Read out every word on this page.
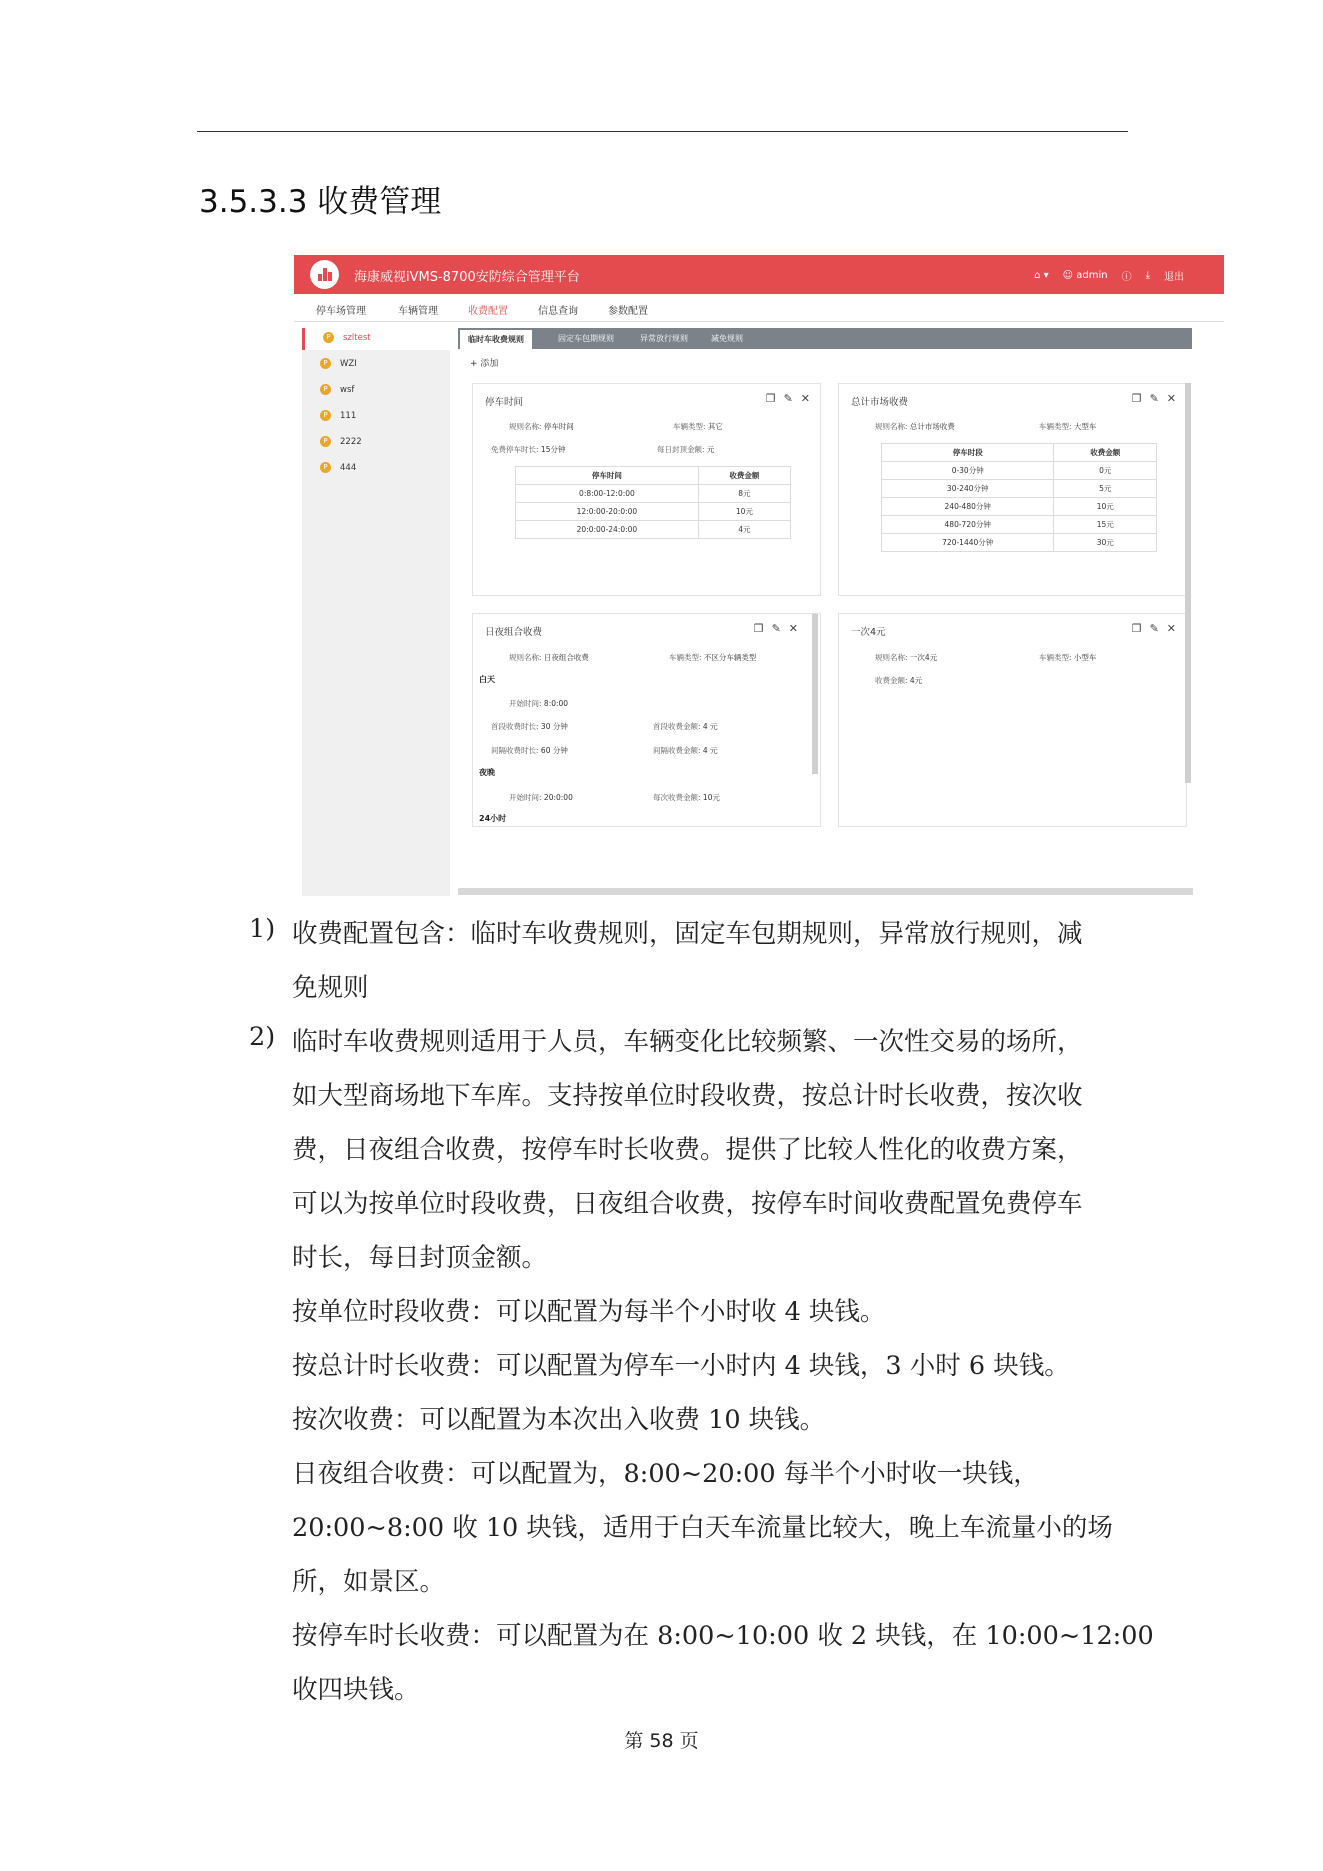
3.5.3.3 收费管理
海康威视iVMS-8700安防综合管理平台	⌂ ▾ ☺ admin ⓘ ⤓ 退出
停车场管理	车辆管理	收费配置	信息查询	参数配置
P	szltest
P	WZI
P	wsf
P	111
P	2222
P	444
临时车收费规则	固定车包期规则	异常放行规则	减免规则
+ 添加
停车时间	❐ ✎ ✕
规则名称: 停车时间	车辆类型: 其它
免费停车时长: 15分钟	每日封顶金额: 元
停车时间	收费金额
0:8:00-12:0:00	8元
12:0:00-20:0:00	10元
20:0:00-24:0:00	4元
总计市场收费	❐ ✎ ✕
规则名称: 总计市场收费	车辆类型: 大型车
停车时段	收费金额
0-30分钟	0元
30-240分钟	5元
240-480分钟	10元
480-720分钟	15元
720-1440分钟	30元
日夜组合收费	❐ ✎ ✕
规则名称: 日夜组合收费	车辆类型: 不区分车辆类型
白天
开始时间: 8:0:00
首段收费时长: 30 分钟	首段收费金额: 4 元
间隔收费时长: 60 分钟	间隔收费金额: 4 元
夜晚
开始时间: 20:0:00	每次收费金额: 10元
24小时
一次4元	❐ ✎ ✕
规则名称: 一次4元	车辆类型: 小型车
收费金额: 4元
1) 收费配置包含：临时车收费规则，固定车包期规则，异常放行规则，减
免规则
2) 临时车收费规则适用于人员，车辆变化比较频繁、一次性交易的场所，
如大型商场地下车库。支持按单位时段收费，按总计时长收费，按次收
费，日夜组合收费，按停车时长收费。提供了比较人性化的收费方案，
可以为按单位时段收费，日夜组合收费，按停车时间收费配置免费停车
时长，每日封顶金额。
按单位时段收费：可以配置为每半个小时收 4 块钱。
按总计时长收费：可以配置为停车一小时内 4 块钱，3 小时 6 块钱。
按次收费：可以配置为本次出入收费 10 块钱。
日夜组合收费：可以配置为，8:00~20:00 每半个小时收一块钱，
20:00~8:00 收 10 块钱，适用于白天车流量比较大，晚上车流量小的场
所，如景区。
按停车时长收费：可以配置为在 8:00~10:00 收 2 块钱，在 10:00~12:00
收四块钱。
第 58 页
